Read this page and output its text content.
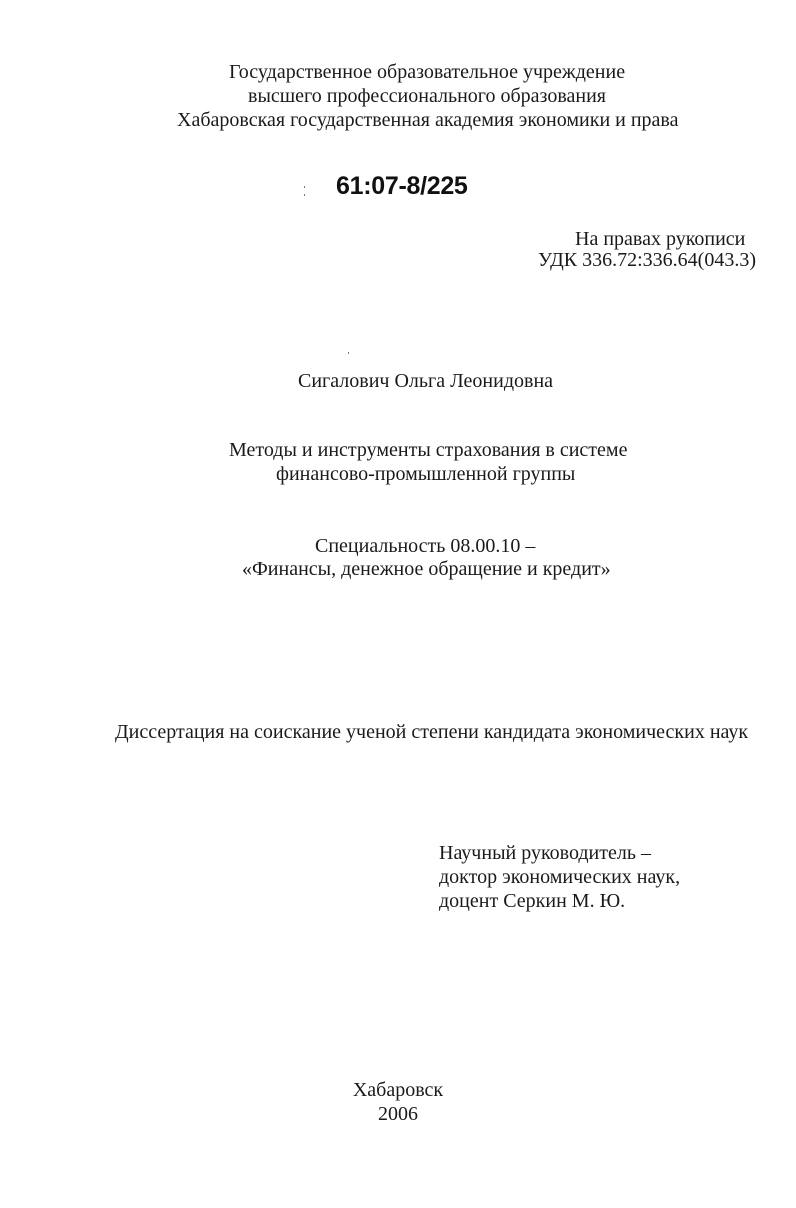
Государственное образовательное учреждение
высшего профессионального образования
Хабаровская государственная академия экономики и права
61:07-8/225
На правах рукописи
УДК 336.72:336.64(043.3)
Сигалович Ольга Леонидовна
Методы и инструменты страхования в системе
финансово-промышленной группы
Специальность 08.00.10 –
«Финансы, денежное обращение и кредит»
Диссертация на соискание ученой степени кандидата экономических наук
Научный руководитель –
доктор экономических наук,
доцент Серкин М. Ю.
Хабаровск
2006
